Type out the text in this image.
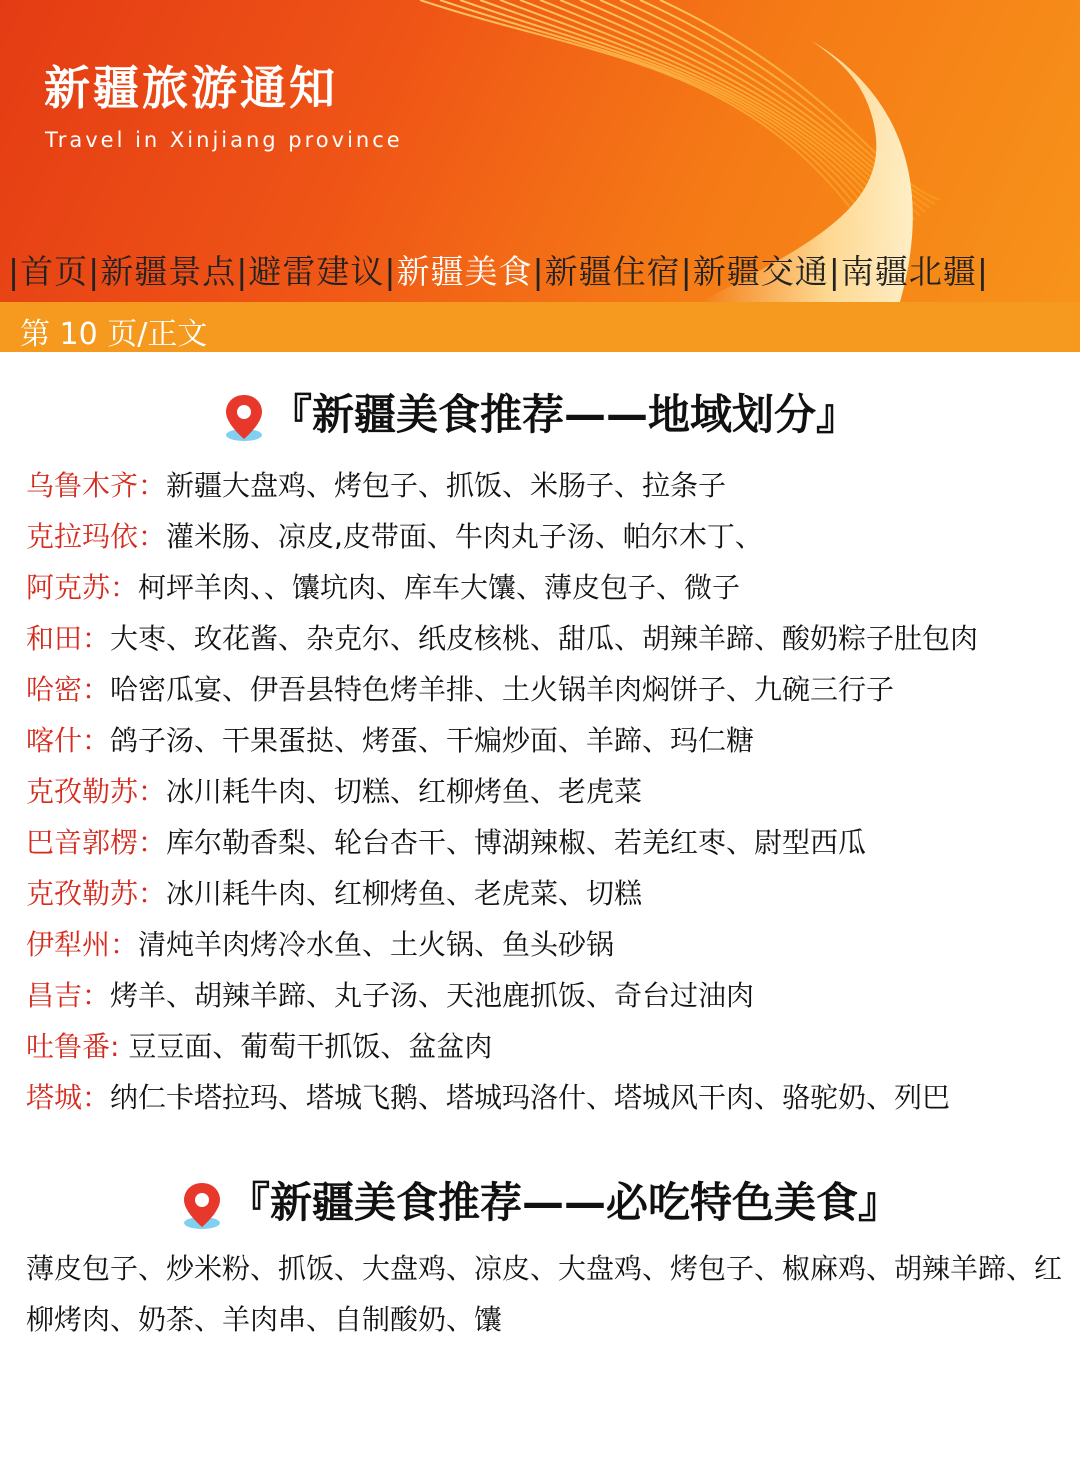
新疆旅游通知
Travel in Xinjiang province
|首页|新疆景点|避雷建议|新疆美食|新疆住宿|新疆交通|南疆北疆|
第 10 页/正文
『新疆美食推荐——地域划分』
乌鲁木齐：新疆大盘鸡、烤包子、抓饭、米肠子、拉条子
克拉玛依：灌米肠、凉皮,皮带面、牛肉丸子汤、帕尔木丁、
阿克苏：柯坪羊肉、、馕坑肉、库车大馕、薄皮包子、微子
和田：大枣、玫花酱、杂克尔、纸皮核桃、甜瓜、胡辣羊蹄、酸奶粽子肚包肉
哈密：哈密瓜宴、伊吾县特色烤羊排、土火锅羊肉焖饼子、九碗三行子
喀什：鸽子汤、干果蛋挞、烤蛋、干煸炒面、羊蹄、玛仁糖
克孜勒苏：冰川耗牛肉、切糕、红柳烤鱼、老虎菜
巴音郭楞：库尔勒香梨、轮台杏干、博湖辣椒、若羌红枣、尉型西瓜
克孜勒苏：冰川耗牛肉、红柳烤鱼、老虎菜、切糕
伊犁州：清炖羊肉烤冷水鱼、土火锅、鱼头砂锅
昌吉：烤羊、胡辣羊蹄、丸子汤、天池鹿抓饭、奇台过油肉
吐鲁番: 豆豆面、葡萄干抓饭、盆盆肉
塔城：纳仁卡塔拉玛、塔城飞鹅、塔城玛洛什、塔城风干肉、骆驼奶、列巴
『新疆美食推荐——必吃特色美食』
薄皮包子、炒米粉、抓饭、大盘鸡、凉皮、大盘鸡、烤包子、椒麻鸡、胡辣羊蹄、红柳烤肉、奶茶、羊肉串、自制酸奶、馕
